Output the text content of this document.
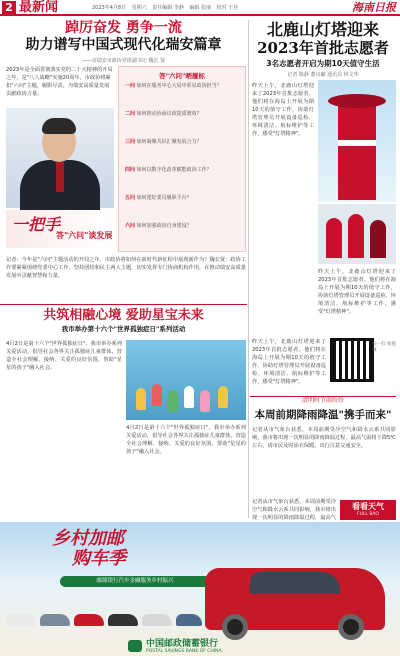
2 最新闻	2023年4月8日 星期六 责任编辑 李静 编辑 张丽 校对 王佳	海南日报
踔厉奋发 勇争一流
助力谱写中国式现代化瑞安篇章
——访瑞安市政协党组副书记 魏长 贤

2023年是全面贯彻落实党的二十大精神的开局之年，是"八八战略"实施20周年。市政协将紧扣"六问"主题，履职尽责，为瑞安高质量发展贡献政协力量。

一把手
答"六问"谈发展
答"六问"晒履标
一问 如何在服务中心大局中彰显政协担当？
二问 如何推动协商议政提质增效？
三问 如何凝聚共识汇聚发展合力？
四问 如何以数字化改革赋能政协工作？
五问 如何建好委员履职平台？
六问 如何加强政协自身建设？

记者：今年是"六问"主题活动的开局之年，市政协将如何在新时代新征程中展现新作为？魏长贤：政协工作要紧紧围绕党委中心工作，坚持团结和民主两大主题，切实发挥专门协商机构作用，在推动瑞安高质量发展中贡献智慧和力量。

共筑相融心境 爱助星宝未来
我市举办第十六个"世界孤独症日"系列活动

4月2日是第十六个"世界孤独症日"。我市举办系列关爱活动，倡导社会各界关注孤独症儿童群体，营造全社会理解、接纳、关爱的良好氛围，帮助"星星的孩子"融入社会。

4月2日是第十六个"世界孤独症日"。我市举办系列关爱活动，倡导社会各界关注孤独症儿童群体，营造全社会理解、接纳、关爱的良好氛围，帮助"星星的孩子"融入社会。

北鹿山灯塔迎来
2023年首批志愿者
3名志愿者开启为期10天值守生活
记者 陈静 董诗璐 通讯员 林文华

昨天上午，北鹿山灯塔迎来了2023年首批志愿者。他们将在海岛上开展为期10天的值守工作，协助灯塔管理员开展设备巡检、环境清洁、航标维护等工作，感受"灯塔精神"。

昨天上午，北鹿山灯塔迎来了2023年首批志愿者。他们将在海岛上开展为期10天的值守工作，协助灯塔管理员开展设备巡检、环境清洁、航标维护等工作，感受"灯塔精神"。

扫一扫 看视频

昨天上午，北鹿山灯塔迎来了2023年首批志愿者。他们将在海岛上开展为期10天的值守工作，协助灯塔管理员开展设备巡检、环境清洁、航标维护等工作，感受"灯塔精神"。

清明时节雨纷纷
本周前期降雨降温"携手而来"

记者从市气象台获悉，本周前期受冷空气和降水云系共同影响，我市将出现一次明显的降雨降温过程，最高气温将下降5℃左右，请市民及时添衣保暖，出行注意交通安全。

记者从市气象台获悉，本周前期受冷空气和降水云系共同影响，我市将出现一次明显的降雨降温过程，最高气

看看天气
FULL BAO
乡村加邮
购车季
邮储银行汽车金融服务乡村振兴
中国邮政储蓄银行
POSTAL SAVINGS BANK OF CHINA
